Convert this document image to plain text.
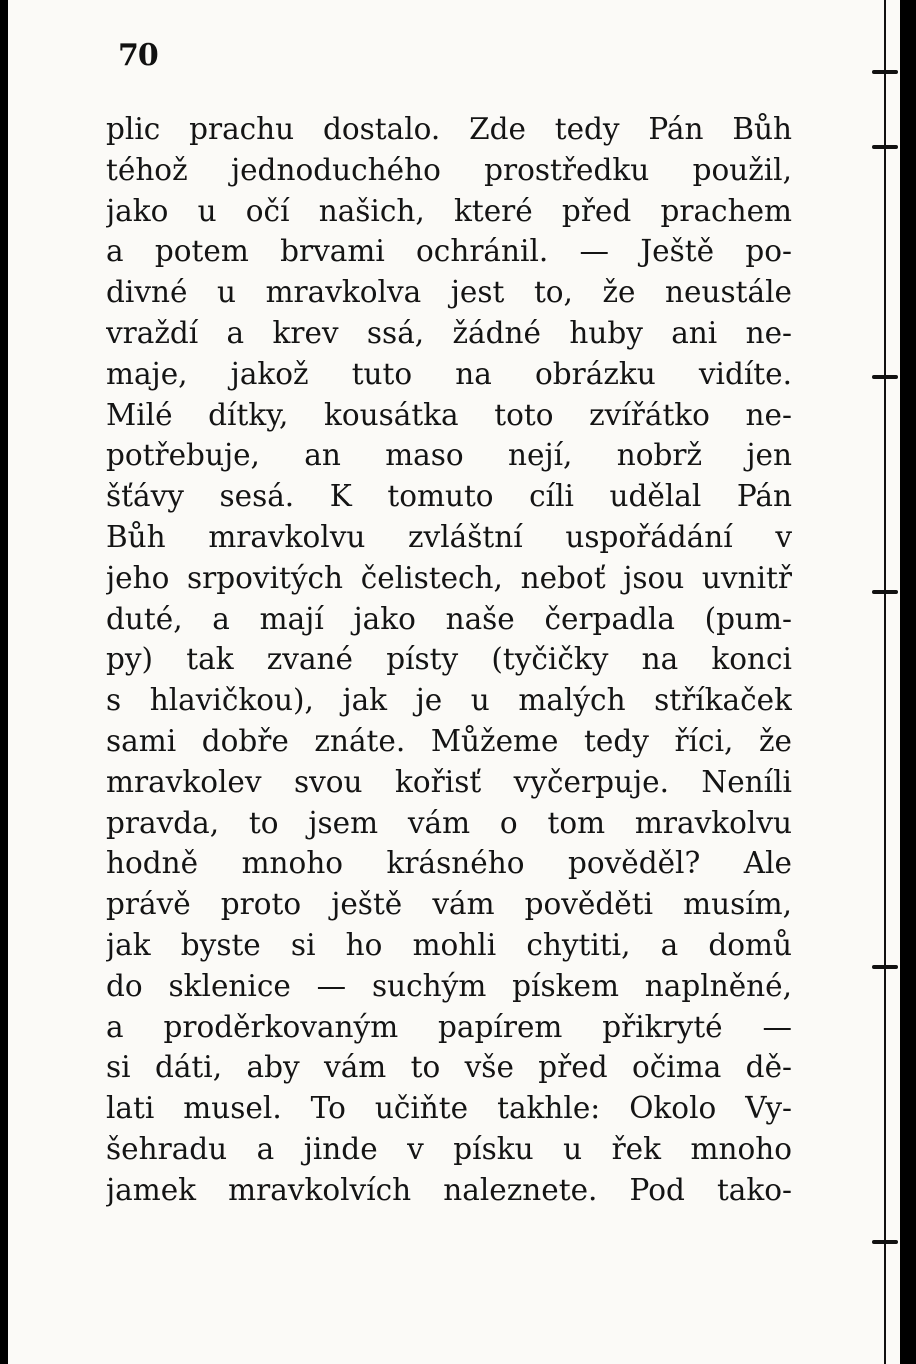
70
plic prachu dostalo. Zde tedy Pán Bůh
téhož jednoduchého prostředku použil,
jako u očí našich, které před prachem
a potem brvami ochránil. — Ještě po-
divné u mravkolva jest to, že neustále
vraždí a krev ssá, žádné huby ani ne-
maje, jakož tuto na obrázku vidíte.
Milé dítky, kousátka toto zvířátko ne-
potřebuje, an maso nejí, nobrž jen
šťávy sesá. K tomuto cíli udělal Pán
Bůh mravkolvu zvláštní uspořádání v
jeho srpovitých čelistech, neboť jsou uvnitř
duté, a mají jako naše čerpadla (pum-
py) tak zvané písty (tyčičky na konci
s hlavičkou), jak je u malých stříkaček
sami dobře znáte. Můžeme tedy říci, že
mravkolev svou kořisť vyčerpuje. Neníli
pravda, to jsem vám o tom mravkolvu
hodně mnoho krásného pověděl? Ale
právě proto ještě vám pověděti musím,
jak byste si ho mohli chytiti, a domů
do sklenice — suchým pískem naplněné,
a proděrkovaným papírem přikryté —
si dáti, aby vám to vše před očima dě-
lati musel. To učiňte takhle: Okolo Vy-
šehradu a jinde v písku u řek mnoho
jamek mravkolvích naleznete. Pod tako-
